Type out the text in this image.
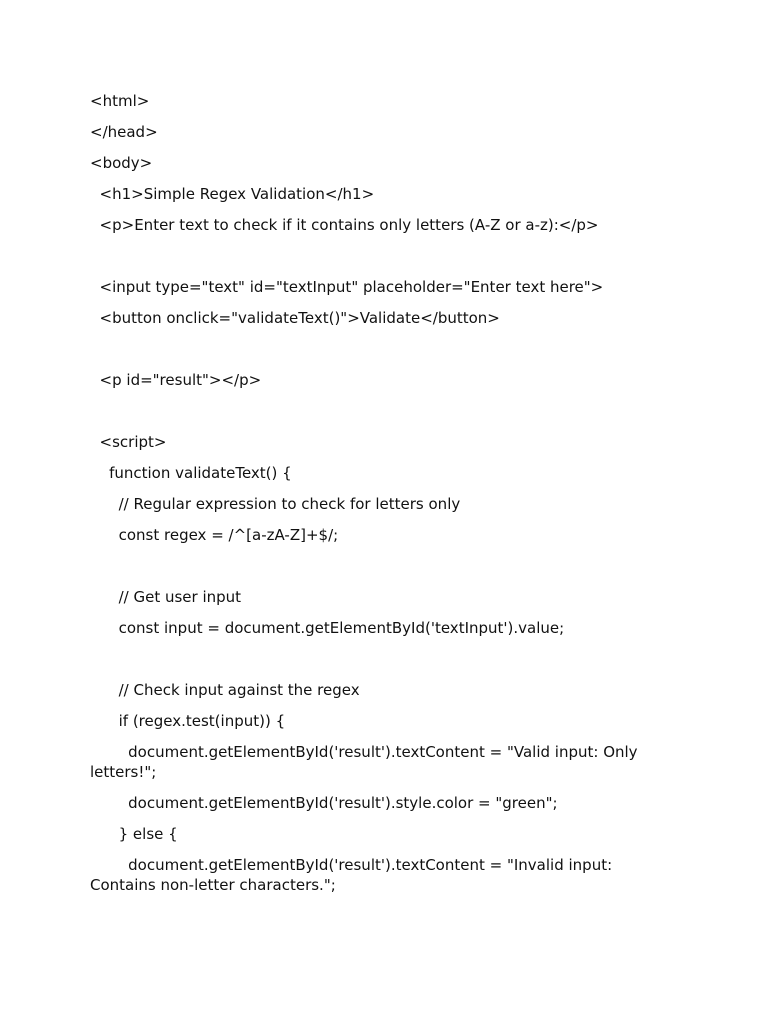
<html>
</head>
<body>
<h1>Simple Regex Validation</h1>
<p>Enter text to check if it contains only letters (A-Z or a-z):</p>
<input type="text" id="textInput" placeholder="Enter text here">
<button onclick="validateText()">Validate</button>
<p id="result"></p>
<script>
function validateText() {
// Regular expression to check for letters only
const regex = /^[a-zA-Z]+$/;
// Get user input
const input = document.getElementById('textInput').value;
// Check input against the regex
if (regex.test(input)) {
document.getElementById('result').textContent = "Valid input: Only letters!";
document.getElementById('result').style.color = "green";
} else {
document.getElementById('result').textContent = "Invalid input: Contains non-letter characters.";
